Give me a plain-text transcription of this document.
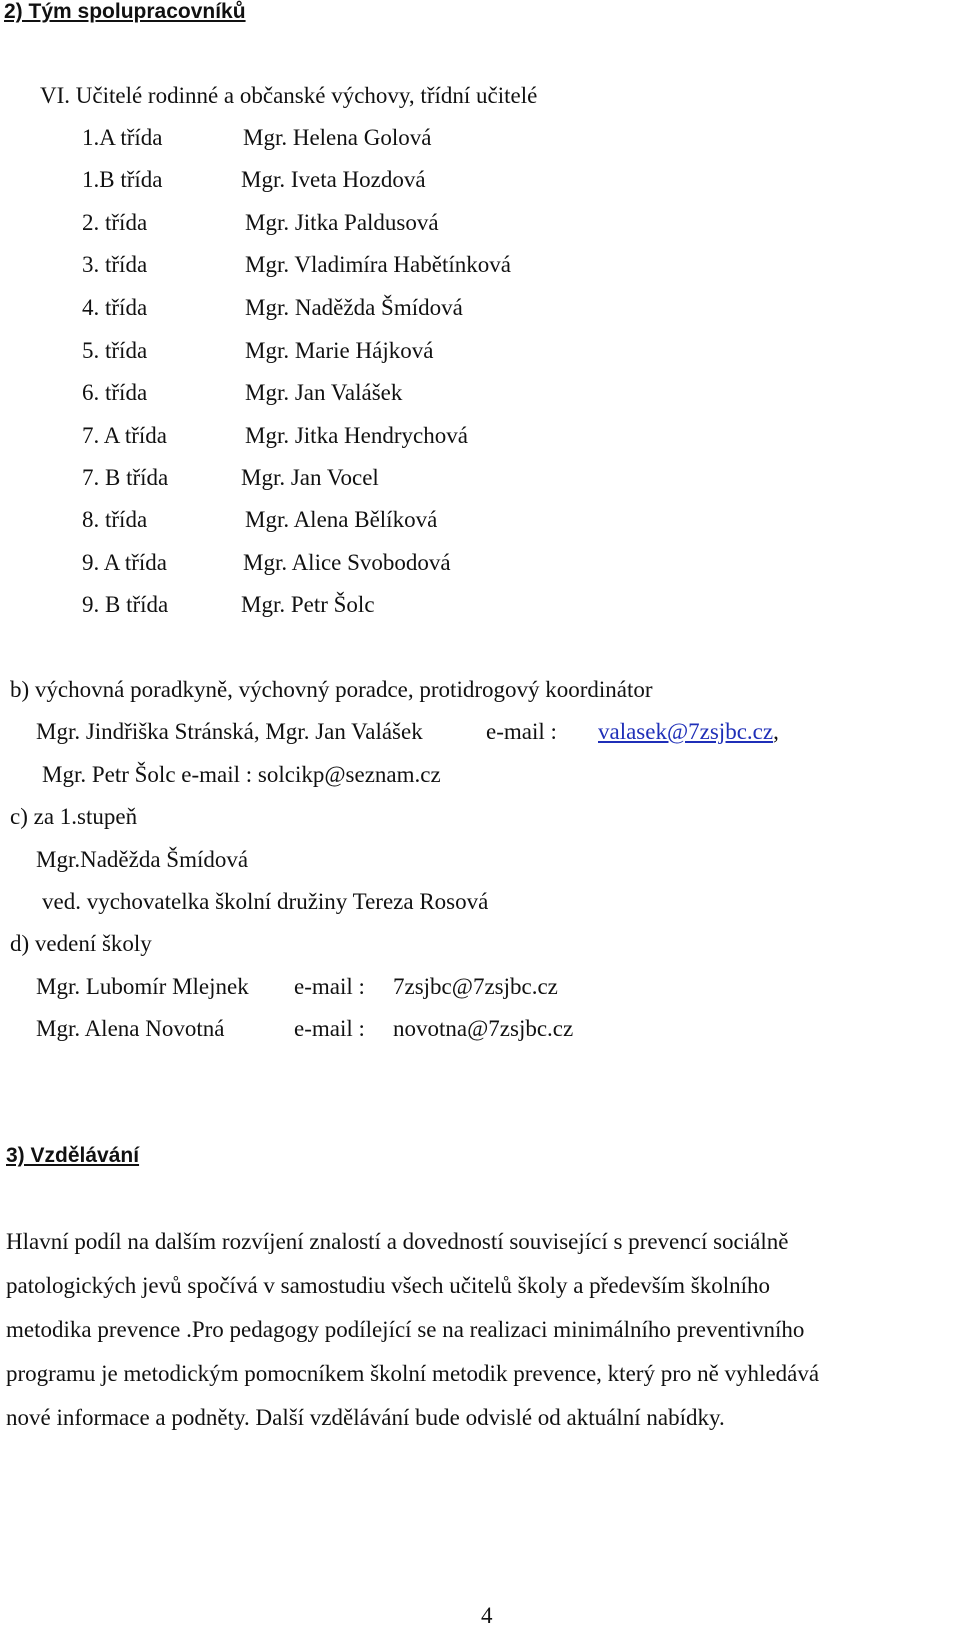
2) Tým spolupracovníků
VI. Učitelé rodinné a občanské výchovy, třídní učitelé
1.A třída	Mgr. Helena Golová
1.B třída	Mgr. Iveta Hozdová
2. třída	Mgr. Jitka Paldusová
3. třída	Mgr. Vladimíra Habětínková
4. třída	Mgr. Naděžda Šmídová
5. třída	Mgr. Marie Hájková
6. třída	Mgr. Jan Valášek
7. A třída	Mgr. Jitka Hendrychová
7. B třída	Mgr. Jan Vocel
8. třída	Mgr. Alena Bělíková
9. A třída	Mgr. Alice Svobodová
9. B třída	Mgr. Petr Šolc
b) výchovná poradkyně, výchovný poradce, protidrogový koordinátor
Mgr. Jindřiška Stránská, Mgr. Jan Valášek	e-mail : valasek@7zsjbc.cz,
Mgr. Petr Šolc e-mail : solcikp@seznam.cz
c) za 1.stupeň
Mgr.Naděžda Šmídová
ved. vychovatelka školní družiny Tereza Rosová
d) vedení školy
Mgr. Lubomír Mlejnek e-mail : 7zsjbc@7zsjbc.cz
Mgr. Alena Novotná	e-mail : novotna@7zsjbc.cz
3) Vzdělávání

Hlavní podíl na dalším rozvíjení znalostí a dovedností související s prevencí sociálně

patologických jevů spočívá v samostudiu všech učitelů školy a především školního

metodika prevence .Pro pedagogy podílející se na realizaci minimálního preventivního

programu je metodickým pomocníkem školní metodik prevence, který pro ně vyhledává

nové informace a podněty. Další vzdělávání bude odvislé od aktuální nabídky.

4
